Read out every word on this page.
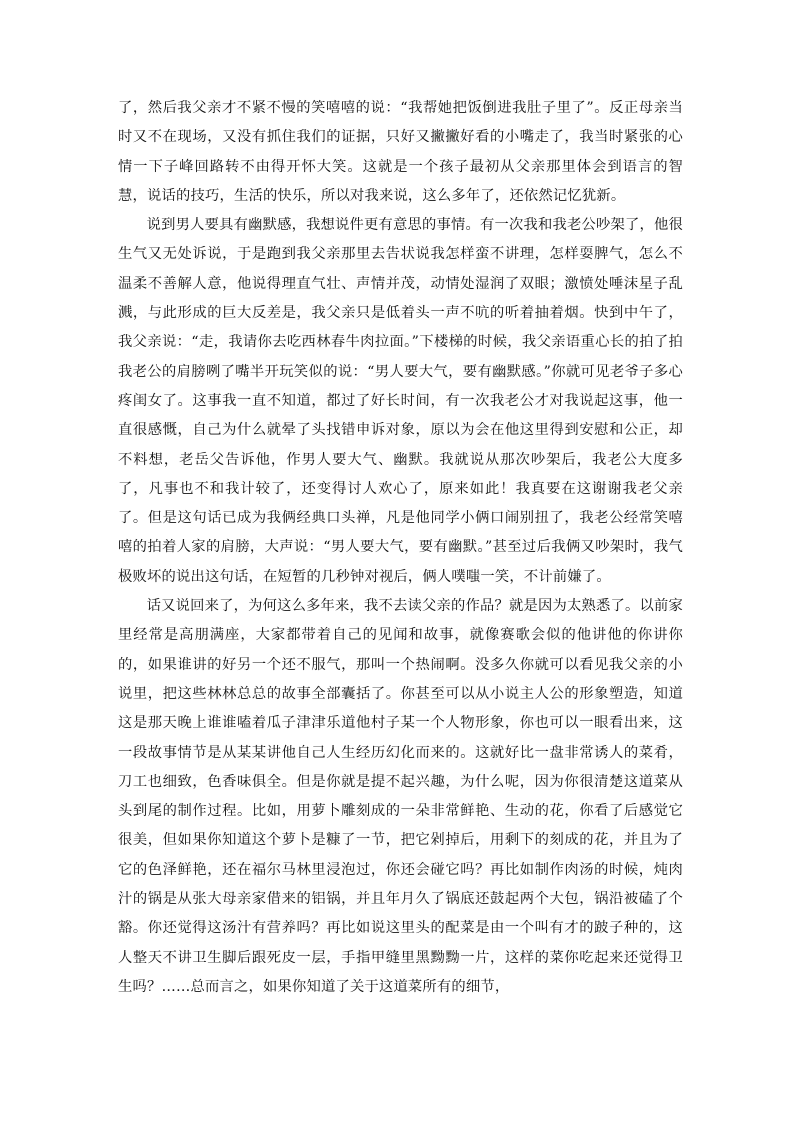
了，然后我父亲才不紧不慢的笑嘻嘻的说：“我帮她把饭倒进我肚子里了”。反正母亲当时又不在现场，又没有抓住我们的证据，只好又撇撇好看的小嘴走了，我当时紧张的心情一下子峰回路转不由得开怀大笑。这就是一个孩子最初从父亲那里体会到语言的智慧，说话的技巧，生活的快乐，所以对我来说，这么多年了，还依然记忆犹新。

说到男人要具有幽默感，我想说件更有意思的事情。有一次我和我老公吵架了，他很生气又无处诉说，于是跑到我父亲那里去告状说我怎样蛮不讲理，怎样耍脾气，怎么不温柔不善解人意，他说得理直气壮、声情并茂，动情处湿润了双眼；激愤处唾沫星子乱溅，与此形成的巨大反差是，我父亲只是低着头一声不吭的听着抽着烟。快到中午了，我父亲说：“走，我请你去吃西林春牛肉拉面。”下楼梯的时候，我父亲语重心长的拍了拍我老公的肩膀咧了嘴半开玩笑似的说：“男人要大气，要有幽默感。”你就可见老爷子多心疼闺女了。这事我一直不知道，都过了好长时间，有一次我老公才对我说起这事，他一直很感慨，自己为什么就晕了头找错申诉对象，原以为会在他这里得到安慰和公正，却不料想，老岳父告诉他，作男人要大气、幽默。我就说从那次吵架后，我老公大度多了，凡事也不和我计较了，还变得讨人欢心了，原来如此！我真要在这谢谢我老父亲了。但是这句话已成为我俩经典口头禅，凡是他同学小俩口闹别扭了，我老公经常笑嘻嘻的拍着人家的肩膀，大声说：“男人要大气，要有幽默。”甚至过后我俩又吵架时，我气极败坏的说出这句话，在短暂的几秒钟对视后，俩人噗嗤一笑，不计前嫌了。

话又说回来了，为何这么多年来，我不去读父亲的作品？就是因为太熟悉了。以前家里经常是高朋满座，大家都带着自己的见闻和故事，就像赛歌会似的他讲他的你讲你的，如果谁讲的好另一个还不服气，那叫一个热闹啊。没多久你就可以看见我父亲的小说里，把这些林林总总的故事全部囊括了。你甚至可以从小说主人公的形象塑造，知道这是那天晚上谁谁嗑着瓜子津津乐道他村子某一个人物形象，你也可以一眼看出来，这一段故事情节是从某某讲他自己人生经历幻化而来的。这就好比一盘非常诱人的菜肴，刀工也细致，色香味俱全。但是你就是提不起兴趣，为什么呢，因为你很清楚这道菜从头到尾的制作过程。比如，用萝卜雕刻成的一朵非常鲜艳、生动的花，你看了后感觉它很美，但如果你知道这个萝卜是糠了一节，把它剁掉后，用剩下的刻成的花，并且为了它的色泽鲜艳，还在福尔马林里浸泡过，你还会碰它吗？再比如制作肉汤的时候，炖肉汁的锅是从张大母亲家借来的铝锅，并且年月久了锅底还鼓起两个大包，锅沿被磕了个豁。你还觉得这汤汁有营养吗？再比如说这里头的配菜是由一个叫有才的跛子种的，这人整天不讲卫生脚后跟死皮一层，手指甲缝里黑黝黝一片，这样的菜你吃起来还觉得卫生吗？……总而言之，如果你知道了关于这道菜所有的细节，
